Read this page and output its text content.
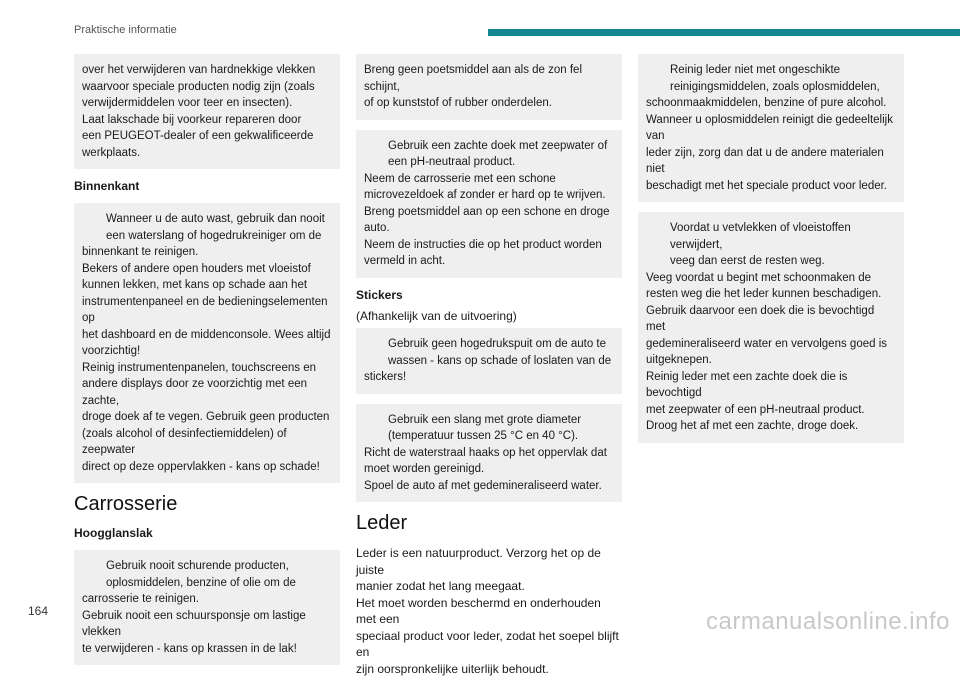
Praktische informatie
over het verwijderen van hardnekkige vlekken
waarvoor speciale producten nodig zijn (zoals
verwijdermiddelen voor teer en insecten).
Laat lakschade bij voorkeur repareren door
een PEUGEOT-dealer of een gekwalificeerde
werkplaats.
Binnenkant
Wanneer u de auto wast, gebruik dan nooit
een waterslang of hogedrukreiniger om de
binnenkant te reinigen.
Bekers of andere open houders met vloeistof
kunnen lekken, met kans op schade aan het
instrumentenpaneel en de bedieningselementen op
het dashboard en de middenconsole. Wees altijd
voorzichtig!
Reinig instrumentenpanelen, touchscreens en
andere displays door ze voorzichtig met een zachte,
droge doek af te vegen. Gebruik geen producten
(zoals alcohol of desinfectiemiddelen) of zeepwater
direct op deze oppervlakken - kans op schade!
Carrosserie
Hoogglanslak
Gebruik nooit schurende producten,
oplosmiddelen, benzine of olie om de
carrosserie te reinigen.
Gebruik nooit een schuursponsje om lastige vlekken
te verwijderen - kans op krassen in de lak!
Breng geen poetsmiddel aan als de zon fel schijnt,
of op kunststof of rubber onderdelen.
Gebruik een zachte doek met zeepwater of
een pH-neutraal product.
Neem de carrosserie met een schone
microvezeldoek af zonder er hard op te wrijven.
Breng poetsmiddel aan op een schone en droge
auto.
Neem de instructies die op het product worden
vermeld in acht.
Stickers
(Afhankelijk van de uitvoering)
Gebruik geen hogedrukspuit om de auto te
wassen - kans op schade of loslaten van de
stickers!
Gebruik een slang met grote diameter
(temperatuur tussen 25 °C en 40 °C).
Richt de waterstraal haaks op het oppervlak dat
moet worden gereinigd.
Spoel de auto af met gedemineraliseerd water.
Leder
Leder is een natuurproduct. Verzorg het op de juiste
manier zodat het lang meegaat.
Het moet worden beschermd en onderhouden met een
speciaal product voor leder, zodat het soepel blijft en
zijn oorspronkelijke uiterlijk behoudt.
Reinig leder niet met ongeschikte
reinigingsmiddelen, zoals oplosmiddelen,
schoonmaakmiddelen, benzine of pure alcohol.
Wanneer u oplosmiddelen reinigt die gedeeltelijk van
leder zijn, zorg dan dat u de andere materialen niet
beschadigt met het speciale product voor leder.
Voordat u vetvlekken of vloeistoffen verwijdert,
veeg dan eerst de resten weg.
Veeg voordat u begint met schoonmaken de
resten weg die het leder kunnen beschadigen.
Gebruik daarvoor een doek die is bevochtigd met
gedemineraliseerd water en vervolgens goed is
uitgeknepen.
Reinig leder met een zachte doek die is bevochtigd
met zeepwater of een pH-neutraal product.
Droog het af met een zachte, droge doek.
164	carmanualsonline.info
